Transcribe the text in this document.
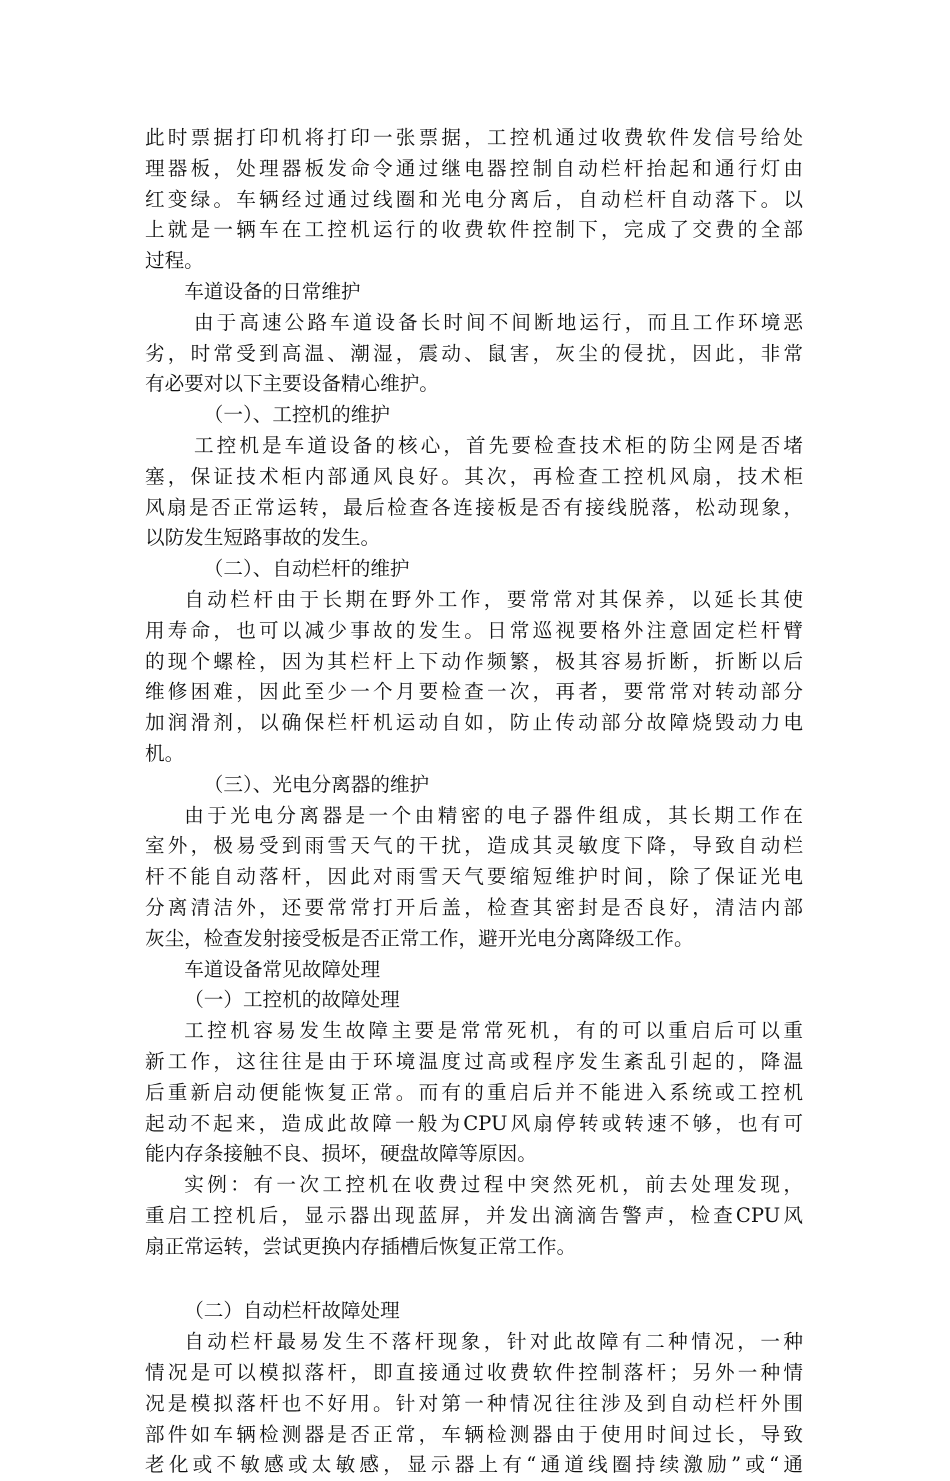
此时票据打印机将打印一张票据，工控机通过收费软件发信号给处
理器板，处理器板发命令通过继电器控制自动栏杆抬起和通行灯由
红变绿。车辆经过通过线圈和光电分离后，自动栏杆自动落下。以
上就是一辆车在工控机运行的收费软件控制下，完成了交费的全部
过程。
车道设备的日常维护
由于高速公路车道设备长时间不间断地运行，而且工作环境恶
劣，时常受到高温、潮湿，震动、鼠害，灰尘的侵扰，因此，非常
有必要对以下主要设备精心维护。
（一）、工控机的维护
工控机是车道设备的核心，首先要检查技术柜的防尘网是否堵
塞，保证技术柜内部通风良好。其次，再检查工控机风扇，技术柜
风扇是否正常运转，最后检查各连接板是否有接线脱落，松动现象，
以防发生短路事故的发生。
（二）、自动栏杆的维护
自动栏杆由于长期在野外工作，要常常对其保养，以延长其使
用寿命，也可以减少事故的发生。日常巡视要格外注意固定栏杆臂
的现个螺栓，因为其栏杆上下动作频繁，极其容易折断，折断以后
维修困难，因此至少一个月要检查一次，再者，要常常对转动部分
加润滑剂，以确保栏杆机运动自如，防止传动部分故障烧毁动力电
机。
（三）、光电分离器的维护
由于光电分离器是一个由精密的电子器件组成，其长期工作在
室外，极易受到雨雪天气的干扰，造成其灵敏度下降，导致自动栏
杆不能自动落杆，因此对雨雪天气要缩短维护时间，除了保证光电
分离清洁外，还要常常打开后盖，检查其密封是否良好，清洁内部
灰尘，检查发射接受板是否正常工作，避开光电分离降级工作。
车道设备常见故障处理
（一）工控机的故障处理
工控机容易发生故障主要是常常死机，有的可以重启后可以重
新工作，这往往是由于环境温度过高或程序发生紊乱引起的，降温
后重新启动便能恢复正常。而有的重启后并不能进入系统或工控机
起动不起来，造成此故障一般为CPU风扇停转或转速不够，也有可
能内存条接触不良、损坏，硬盘故障等原因。
实例：有一次工控机在收费过程中突然死机，前去处理发现，
重启工控机后，显示器出现蓝屏，并发出滴滴告警声，检查CPU风
扇正常运转，尝试更换内存插槽后恢复正常工作。
（二）自动栏杆故障处理
自动栏杆最易发生不落杆现象，针对此故障有二种情况，一种
情况是可以模拟落杆，即直接通过收费软件控制落杆；另外一种情
况是模拟落杆也不好用。针对第一种情况往往涉及到自动栏杆外围
部件如车辆检测器是否正常，车辆检测器由于使用时间过长，导致
老化或不敏感或太敏感，显示器上有“通道线圈持续激励”或“通
